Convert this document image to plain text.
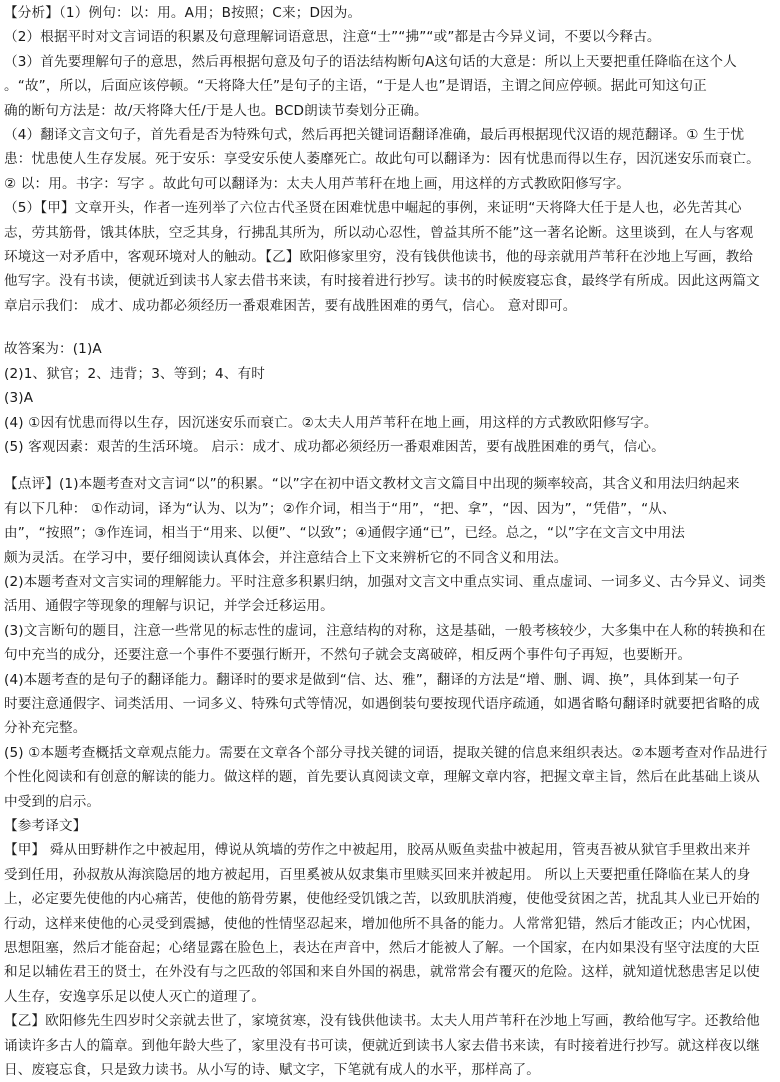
【分析】（1）例句：以：用。A用；B按照；C来；D因为。
（2）根据平时对文言词语的积累及句意理解词语意思，注意“士”“拂”“或”都是古今异义词，不要以今释古。
（3）首先要理解句子的意思，然后再根据句意及句子的语法结构断句A这句话的大意是：所以上天要把重任降临在这个人
。“故”，所以，后面应该停顿。“天将降大任”是句子的主语，“于是人也”是谓语，主谓之间应停顿。据此可知这句正
确的断句方法是：故/天将降大任/于是人也。BCD朗读节奏划分正确。
（4）翻译文言文句子，首先看是否为特殊句式，然后再把关键词语翻译准确，最后再根据现代汉语的规范翻译。① 生于忧
患：忧患使人生存发展。死于安乐：享受安乐使人萎靡死亡。故此句可以翻译为：因有忧患而得以生存，因沉迷安乐而衰亡。
② 以：用。书字：写字 。故此句可以翻译为：太夫人用芦苇秆在地上画，用这样的方式教欧阳修写字。
（5）【甲】文章开头，作者一连列举了六位古代圣贤在困难忧患中崛起的事例，来证明“天将降大任于是人也，必先苦其心
志，劳其筋骨，饿其体肤，空乏其身，行拂乱其所为，所以动心忍性，曾益其所不能”这一著名论断。这里谈到，在人与客观
环境这一对矛盾中，客观环境对人的触动。【乙】欧阳修家里穷，没有钱供他读书，他的母亲就用芦苇秆在沙地上写画，教给
他写字。没有书读，便就近到读书人家去借书来读，有时接着进行抄写。读书的时候废寝忘食，最终学有所成。因此这两篇文
章启示我们： 成才、成功都必须经历一番艰难困苦，要有战胜困难的勇气，信心。 意对即可。
故答案为：(1)A
(2)1、狱官；2、违背；3、等到；4、有时
(3)A
(4) ①因有忧患而得以生存，因沉迷安乐而衰亡。②太夫人用芦苇秆在地上画，用这样的方式教欧阳修写字。
(5) 客观因素：艰苦的生活环境。 启示：成才、成功都必须经历一番艰难困苦，要有战胜困难的勇气，信心。
【点评】(1)本题考查对文言词“以”的积累。“以”字在初中语文教材文言文篇目中出现的频率较高，其含义和用法归纳起来
有以下几种： ①作动词，译为“认为、以为”；②作介词，相当于“用”，“把、拿”，“因、因为”，“凭借”，“从、
由”，“按照”；③作连词，相当于“用来、以便”、“以致”；④通假字通“已”，已经。总之，“以”字在文言文中用法
颇为灵活。在学习中，要仔细阅读认真体会，并注意结合上下文来辨析它的不同含义和用法。
(2)本题考查对文言实词的理解能力。平时注意多积累归纳，加强对文言文中重点实词、重点虚词、一词多义、古今异义、词类
活用、通假字等现象的理解与识记，并学会迁移运用。
(3)文言断句的题目，注意一些常见的标志性的虚词，注意结构的对称，这是基础，一般考核较少，大多集中在人称的转换和在
句中充当的成分，还要注意一个事件不要强行断开，不然句子就会支离破碎，相反两个事件句子再短，也要断开。
(4)本题考查的是句子的翻译能力。翻译时的要求是做到“信、达、雅”，翻译的方法是“增、删、调、换”，具体到某一句子
时要注意通假字、词类活用、一词多义、特殊句式等情况，如遇倒装句要按现代语序疏通，如遇省略句翻译时就要把省略的成
分补充完整。
(5) ①本题考查概括文章观点能力。需要在文章各个部分寻找关键的词语，提取关键的信息来组织表达。②本题考查对作品进行
个性化阅读和有创意的解读的能力。做这样的题，首先要认真阅读文章，理解文章内容，把握文章主旨，然后在此基础上谈从
中受到的启示。
【参考译文】
【甲】 舜从田野耕作之中被起用，傅说从筑墙的劳作之中被起用，胶鬲从贩鱼卖盐中被起用，管夷吾被从狱官手里救出来并
受到任用，孙叔敖从海滨隐居的地方被起用，百里奚被从奴隶集市里赎买回来并被起用。 所以上天要把重任降临在某人的身
上，必定要先使他的内心痛苦，使他的筋骨劳累，使他经受饥饿之苦，以致肌肤消瘦，使他受贫困之苦，扰乱其人业已开始的
行动，这样来使他的心灵受到震撼，使他的性情坚忍起来，增加他所不具备的能力。人常常犯错，然后才能改正；内心忧困，
思想阻塞，然后才能奋起；心绪显露在脸色上，表达在声音中，然后才能被人了解。一个国家，在内如果没有坚守法度的大臣
和足以辅佐君王的贤士，在外没有与之匹敌的邻国和来自外国的祸患，就常常会有覆灭的危险。这样，就知道忧愁患害足以使
人生存，安逸享乐足以使人灭亡的道理了。
【乙】欧阳修先生四岁时父亲就去世了，家境贫寒，没有钱供他读书。太夫人用芦苇秆在沙地上写画，教给他写字。还教给他
诵读许多古人的篇章。到他年龄大些了，家里没有书可读，便就近到读书人家去借书来读，有时接着进行抄写。就这样夜以继
日、废寝忘食，只是致力读书。从小写的诗、赋文字，下笔就有成人的水平，那样高了。
